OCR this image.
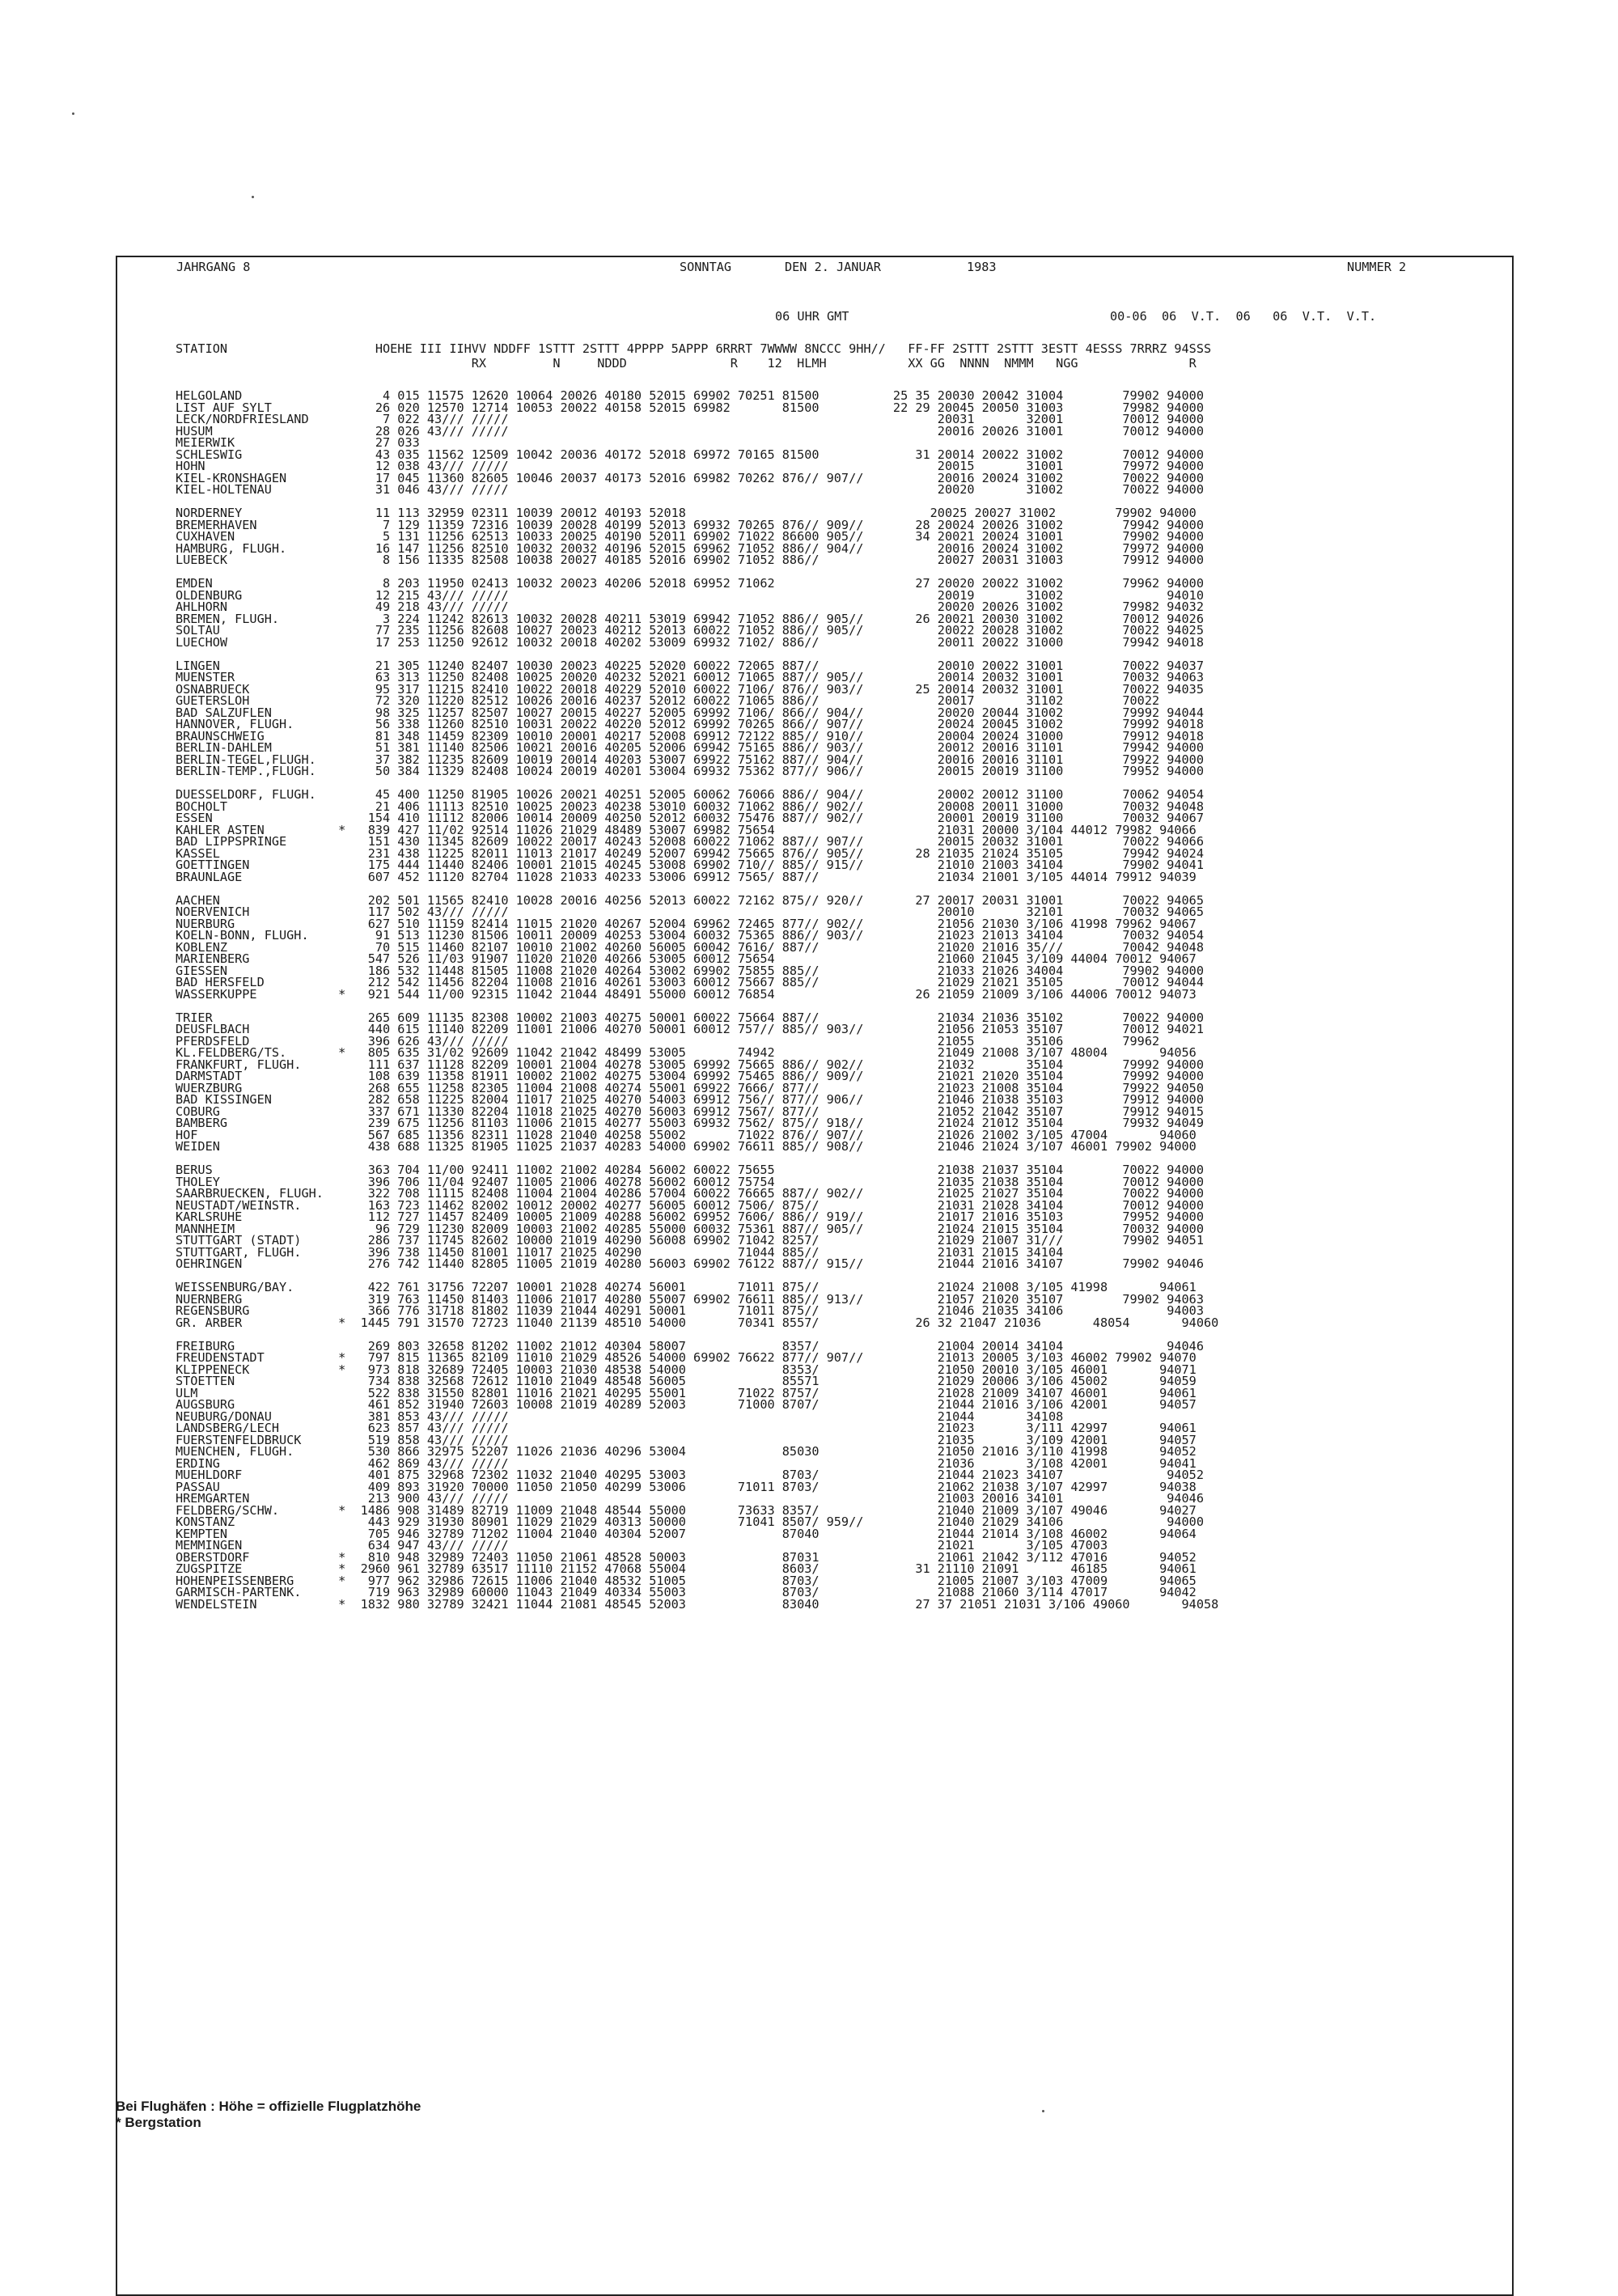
JAHRGANG 8	SONNTAG	DEN 2. JANUAR	1983	NUMMER 2
06 UHR GMT	00-06  06  V.T.  06   06  V.T.  V.T.
STATION                    HOEHE III IIHVV NDDFF 1STTT 2STTT 4PPPP 5APPP 6RRRT 7WWWW 8NCCC 9HH//   FF-FF 2STTT 2STTT 3ESTT 4ESSS 7RRRZ 94SSS
RX         N     NDDD              R    12  HLMH           XX GG  NNNN  NMMM   NGG               R
HELGOLAND                   4 015 11575 12620 10064 20026 40180 52015 69902 70251 81500          25 35 20030 20042 31004        79902 94000
LIST AUF SYLT              26 020 12570 12714 10053 20022 40158 52015 69982       81500          22 29 20045 20050 31003        79982 94000
LECK/NORDFRIESLAND          7 022 43/// /////                                                          20031       32001        70012 94000
HUSUM                      28 026 43/// /////                                                          20016 20026 31001        70012 94000
MEIERWIK                   27 033
SCHLESWIG                  43 035 11562 12509 10042 20036 40172 52018 69972 70165 81500             31 20014 20022 31002        70012 94000
HOHN                       12 038 43/// /////                                                          20015       31001        79972 94000
KIEL-KRONSHAGEN            17 045 11360 82605 10046 20037 40173 52016 69982 70262 876// 907//          20016 20024 31002        70022 94000
KIEL-HOLTENAU              31 046 43/// /////                                                          20020       31002        70022 94000
NORDERNEY                  11 113 32959 02311 10039 20012 40193 52018                                 20025 20027 31002        79902 94000
BREMERHAVEN                 7 129 11359 72316 10039 20028 40199 52013 69932 70265 876// 909//       28 20024 20026 31002        79942 94000
CUXHAVEN                    5 131 11256 62513 10033 20025 40190 52011 69902 71022 86600 905//       34 20021 20024 31001        79902 94000
HAMBURG, FLUGH.            16 147 11256 82510 10032 20032 40196 52015 69962 71052 886// 904//          20016 20024 31002        79972 94000
LUEBECK                     8 156 11335 82508 10038 20027 40185 52016 69902 71052 886//                20027 20031 31003        79912 94000
EMDEN                       8 203 11950 02413 10032 20023 40206 52018 69952 71062                   27 20020 20022 31002        79962 94000
OLDENBURG                  12 215 43/// /////                                                          20019       31002              94010
AHLHORN                    49 218 43/// /////                                                          20020 20026 31002        79982 94032
BREMEN, FLUGH.              3 224 11242 82613 10032 20028 40211 53019 69942 71052 886// 905//       26 20021 20030 31002        70012 94026
SOLTAU                     77 235 11256 82608 10027 20023 40212 52013 60022 71052 886// 905//          20022 20028 31002        70022 94025
LUECHOW                    17 253 11250 92612 10032 20018 40202 53009 69932 7102/ 886//                20011 20022 31000        79942 94018
LINGEN                     21 305 11240 82407 10030 20023 40225 52020 60022 72065 887//                20010 20022 31001        70022 94037
MUENSTER                   63 313 11250 82408 10025 20020 40232 52021 60012 71065 887// 905//          20014 20032 31001        70032 94063
OSNABRUECK                 95 317 11215 82410 10022 20018 40229 52010 60022 7106/ 876// 903//       25 20014 20032 31001        70022 94035
GUETERSLOH                 72 320 11220 82512 10026 20016 40237 52012 60022 71065 886//                20017       31102        70022
BAD SALZUFLEN              98 325 11257 82507 10027 20015 40227 52005 69992 7106/ 866// 904//          20020 20044 31002        79992 94044
HANNOVER, FLUGH.           56 338 11260 82510 10031 20022 40220 52012 69992 70265 866// 907//          20024 20045 31002        79992 94018
BRAUNSCHWEIG               81 348 11459 82309 10010 20001 40217 52008 69912 72122 885// 910//          20004 20024 31000        79912 94018
BERLIN-DAHLEM              51 381 11140 82506 10021 20016 40205 52006 69942 75165 886// 903//          20012 20016 31101        79942 94000
BERLIN-TEGEL,FLUGH.        37 382 11235 82609 10019 20014 40203 53007 69922 75162 887// 904//          20016 20016 31101        79922 94000
BERLIN-TEMP.,FLUGH.        50 384 11329 82408 10024 20019 40201 53004 69932 75362 877// 906//          20015 20019 31100        79952 94000
DUESSELDORF, FLUGH.        45 400 11250 81905 10026 20021 40251 52005 60062 76066 886// 904//          20002 20012 31100        70062 94054
BOCHOLT                    21 406 11113 82510 10025 20023 40238 53010 60032 71062 886// 902//          20008 20011 31000        70032 94048
ESSEN                     154 410 11112 82006 10014 20009 40250 52012 60032 75476 887// 902//          20001 20019 31100        70032 94067
KAHLER ASTEN          *   839 427 11/02 92514 11026 21029 48489 53007 69982 75654                      21031 20000 3/104 44012 79982 94066
BAD LIPPSPRINGE           151 430 11345 82609 10022 20017 40243 52008 60022 71062 887// 907//          20015 20032 31001        70022 94066
KASSEL                    231 438 11225 82011 11013 21017 40249 52007 69942 75665 876// 905//       28 21035 21024 35105        79942 94024
GOETTINGEN                175 444 11440 82406 10001 21015 40245 53008 69902 710// 885// 915//          21010 21003 34104        79902 94041
BRAUNLAGE                 607 452 11120 82704 11028 21033 40233 53006 69912 7565/ 887//                21034 21001 3/105 44014 79912 94039
AACHEN                    202 501 11565 82410 10028 20016 40256 52013 60022 72162 875// 920//       27 20017 20031 31001        70022 94065
NOERVENICH                117 502 43/// /////                                                          20010       32101        70032 94065
NUERBURG                  627 510 11159 82414 11015 21020 40267 52004 69962 72465 877// 902//          21056 21030 3/106 41998 79962 94067
KOELN-BONN, FLUGH.         91 513 11230 81506 10011 20009 40253 53004 60032 75365 886// 903//          21023 21013 34104        70032 94054
KOBLENZ                    70 515 11460 82107 10010 21002 40260 56005 60042 7616/ 887//                21020 21016 35///        70042 94048
MARIENBERG                547 526 11/03 91907 11020 21020 40266 53005 60012 75654                      21060 21045 3/109 44004 70012 94067
GIESSEN                   186 532 11448 81505 11008 21020 40264 53002 69902 75855 885//                21033 21026 34004        79902 94000
BAD HERSFELD              212 542 11456 82204 11008 21016 40261 53003 60012 75667 885//                21029 21021 35105        70012 94044
WASSERKUPPE           *   921 544 11/00 92315 11042 21044 48491 55000 60012 76854                   26 21059 21009 3/106 44006 70012 94073
TRIER                     265 609 11135 82308 10002 21003 40275 50001 60022 75664 887//                21034 21036 35102        70022 94000
DEUSFLBACH                440 615 11140 82209 11001 21006 40270 50001 60012 757// 885// 903//          21056 21053 35107        70012 94021
PFERDSFELD                396 626 43/// /////                                                          21055       35106        79962
KL.FELDBERG/TS.       *   805 635 31/02 92609 11042 21042 48499 53005       74942                      21049 21008 3/107 48004       94056
FRANKFURT, FLUGH.         111 637 11128 82209 10001 21004 40278 53005 69992 75665 886// 902//          21032       35104        79992 94000
DARMSTADT                 108 639 11358 81911 10002 21002 40275 53004 69992 75465 886// 909//          21021 21020 35104        79992 94000
WUERZBURG                 268 655 11258 82305 11004 21008 40274 55001 69922 7666/ 877//                21023 21008 35104        79922 94050
BAD KISSINGEN             282 658 11225 82004 11017 21025 40270 54003 69912 756// 877// 906//          21046 21038 35103        79912 94000
COBURG                    337 671 11330 82204 11018 21025 40270 56003 69912 7567/ 877//                21052 21042 35107        79912 94015
BAMBERG                   239 675 11256 81103 11006 21015 40277 55003 69932 7562/ 875// 918//          21024 21012 35104        79932 94049
HOF                       567 685 11356 82311 11028 21040 40258 55002       71022 876// 907//          21026 21002 3/105 47004       94060
WEIDEN                    438 688 11325 81905 11025 21037 40283 54000 69902 76611 885// 908//          21046 21024 3/107 46001 79902 94000
BERUS                     363 704 11/00 92411 11002 21002 40284 56002 60022 75655                      21038 21037 35104        70022 94000
THOLEY                    396 706 11/04 92407 11005 21006 40278 56002 60012 75754                      21035 21038 35104        70012 94000
SAARBRUECKEN, FLUGH.      322 708 11115 82408 11004 21004 40286 57004 60022 76665 887// 902//          21025 21027 35104        70022 94000
NEUSTADT/WEINSTR.         163 723 11462 82002 10012 20002 40277 56005 60012 7506/ 875//                21031 21028 34104        70012 94000
KARLSRUHE                 112 727 11457 82409 10005 21009 40288 56002 69952 7606/ 886// 919//          21017 21016 35103        79952 94000
MANNHEIM                   96 729 11230 82009 10003 21002 40285 55000 60032 75361 887// 905//          21024 21015 35104        70032 94000
STUTTGART (STADT)         286 737 11745 82602 10000 21019 40290 56008 69902 71042 8257/                21029 21007 31///        79902 94051
STUTTGART, FLUGH.         396 738 11450 81001 11017 21025 40290             71044 885//                21031 21015 34104
OEHRINGEN                 276 742 11440 82805 11005 21019 40280 56003 69902 76122 887// 915//          21044 21016 34107        79902 94046
WEISSENBURG/BAY.          422 761 31756 72207 10001 21028 40274 56001       71011 875//                21024 21008 3/105 41998       94061
NUERNBERG                 319 763 11450 81403 11006 21017 40280 55007 69902 76611 885// 913//          21057 21020 35107        79902 94063
REGENSBURG                366 776 31718 81802 11039 21044 40291 50001       71011 875//                21046 21035 34106              94003
GR. ARBER             *  1445 791 31570 72723 11040 21139 48510 54000       70341 8557/             26 32 21047 21036       48054       94060
FREIBURG                  269 803 32658 81202 11002 21012 40304 58007             8357/                21004 20014 34104              94046
FREUDENSTADT          *   797 815 11365 82109 11010 21029 48526 54000 69902 76622 877// 907//          21013 20005 3/103 46002 79902 94070
KLIPPENECK            *   973 818 32689 72405 10003 21030 48538 54000             8353/                21050 20010 3/105 46001       94071
STOETTEN                  734 838 32568 72612 11010 21049 48548 56005             85571                21029 20006 3/106 45002       94059
ULM                       522 838 31550 82801 11016 21021 40295 55001       71022 8757/                21028 21009 34107 46001       94061
AUGSBURG                  461 852 31940 72603 10008 21019 40289 52003       71000 8707/                21044 21016 3/106 42001       94057
NEUBURG/DONAU             381 853 43/// /////                                                          21044       34108
LANDSBERG/LECH            623 857 43/// /////                                                          21023       3/111 42997       94061
FUERSTENFELDBRUCK         519 858 43/// /////                                                          21035       3/109 42001       94057
MUENCHEN, FLUGH.          530 866 32975 52207 11026 21036 40296 53004             85030                21050 21016 3/110 41998       94052
ERDING                    462 869 43/// /////                                                          21036       3/108 42001       94041
MUEHLDORF                 401 875 32968 72302 11032 21040 40295 53003             8703/                21044 21023 34107              94052
PASSAU                    409 893 31920 70000 11050 21050 40299 53006       71011 8703/                21062 21038 3/107 42997       94038
HREMGARTEN                213 900 43/// /////                                                          21003 20016 34101              94046
FELDBERG/SCHW.        *  1486 908 31489 82719 11009 21048 48544 55000       73633 8357/                21040 21009 3/107 49046       94027
KONSTANZ                  443 929 31930 80901 11029 21029 40313 50000       71041 8507/ 959//          21040 21029 34106              94000
KEMPTEN                   705 946 32789 71202 11004 21040 40304 52007             87040                21044 21014 3/108 46002       94064
MEMMINGEN                 634 947 43/// /////                                                          21021       3/105 47003
OBERSTDORF            *   810 948 32989 72403 11050 21061 48528 50003             87031                21061 21042 3/112 47016       94052
ZUGSPITZE             *  2960 961 32789 63517 11110 21152 47068 55004             8603/             31 21110 21091       46185       94061
HOHENPEISSENBERG      *   977 962 32986 72615 11006 21040 48532 51005             8703/                21005 21007 3/103 47009       94065
GARMISCH-PARTENK.         719 963 32989 60000 11043 21049 40334 55003             8703/                21088 21060 3/114 47017       94042
WENDELSTEIN           *  1832 980 32789 32421 11044 21081 48545 52003             83040             27 37 21051 21031 3/106 49060       94058
Bei Flughäfen : Höhe = offizielle Flugplatzhöhe
* Bergstation
